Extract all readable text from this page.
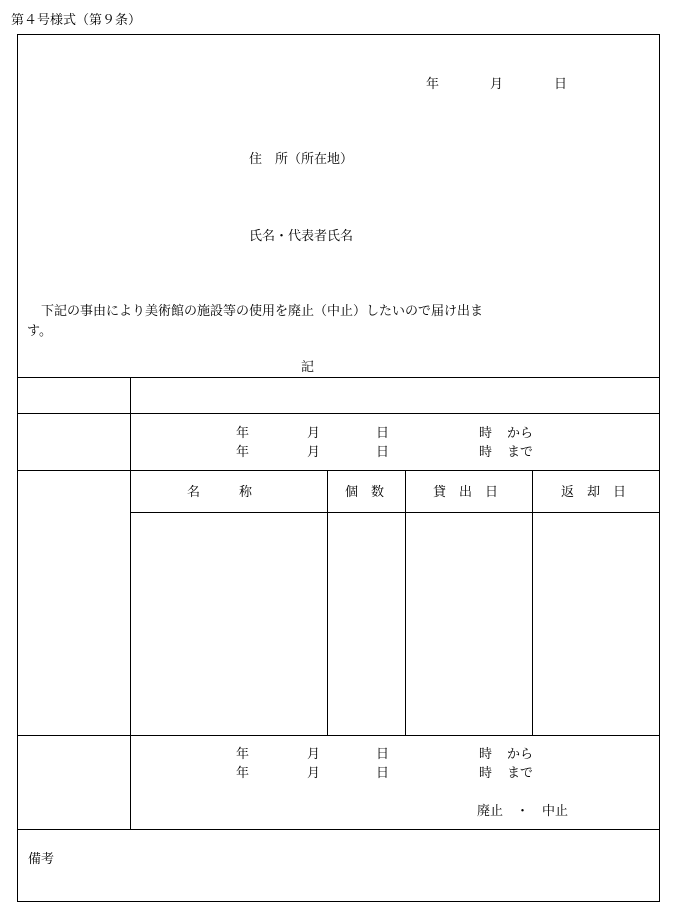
第４号様式（第９条）
年	月	日
住　所（所在地）
氏名・代表者氏名
下記の事由により美術館の施設等の使用を廃止（中止）したいので届け出ま
す。
記
年	月	日	時 から
年	月	日	時 まで
名　　　称	個　数	貸　出　日	返　却　日
年	月	日	時 から
年	月	日	時 まで
廃止　・　中止
備考
